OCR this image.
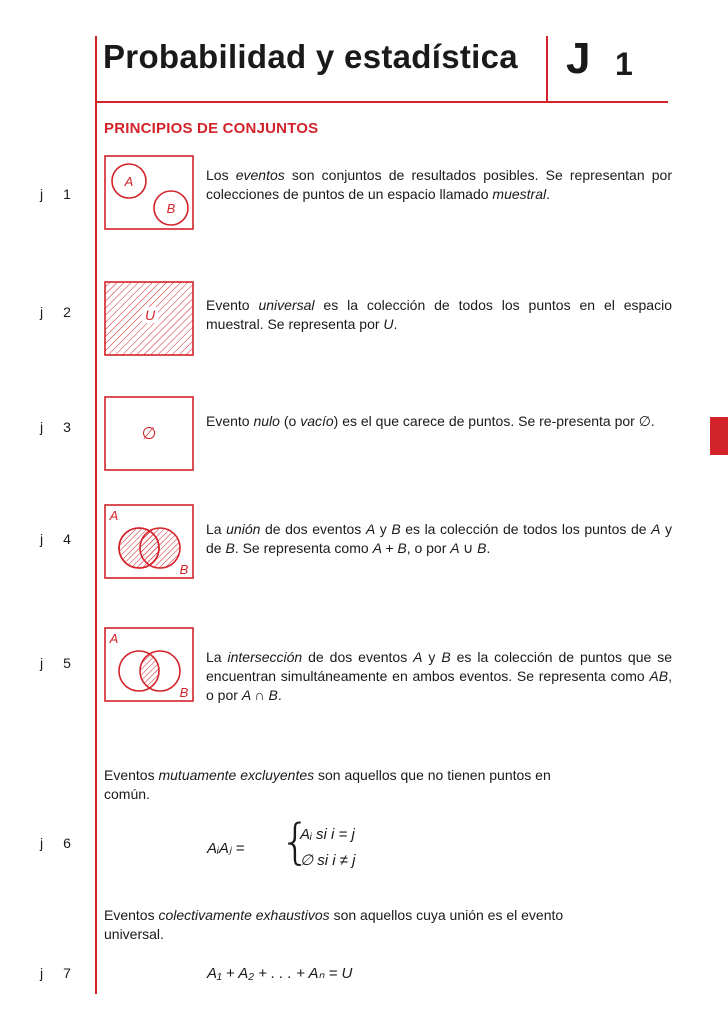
Probabilidad y estadística J 1
PRINCIPIOS DE CONJUNTOS
j 1
j 2
j 3
j 4
j 5
j 6
j 7
A
B
U
∅
A
B
A
B

Los eventos son conjuntos de resultados posibles. Se representan por colecciones de puntos de un espacio llamado muestral.

Evento universal es la colección de todos los puntos en el espacio muestral. Se representa por U.

Evento nulo (o vacío) es el que carece de puntos. Se re-presenta por ∅.

La unión de dos eventos A y B es la colección de todos los puntos de A y de B. Se representa como A + B, o por A ∪ B.

La intersección de dos eventos A y B es la colección de puntos que se encuentran simultáneamente en ambos eventos. Se representa como AB, o por A ∩ B.

Eventos mutuamente excluyentes son aquellos que no tienen puntos en común.

AᵢAⱼ = {
Aᵢ si i = j
∅ si i ≠ j

Eventos colectivamente exhaustivos son aquellos cuya unión es el evento universal.

A₁ + A₂ + . . . + Aₙ = U
